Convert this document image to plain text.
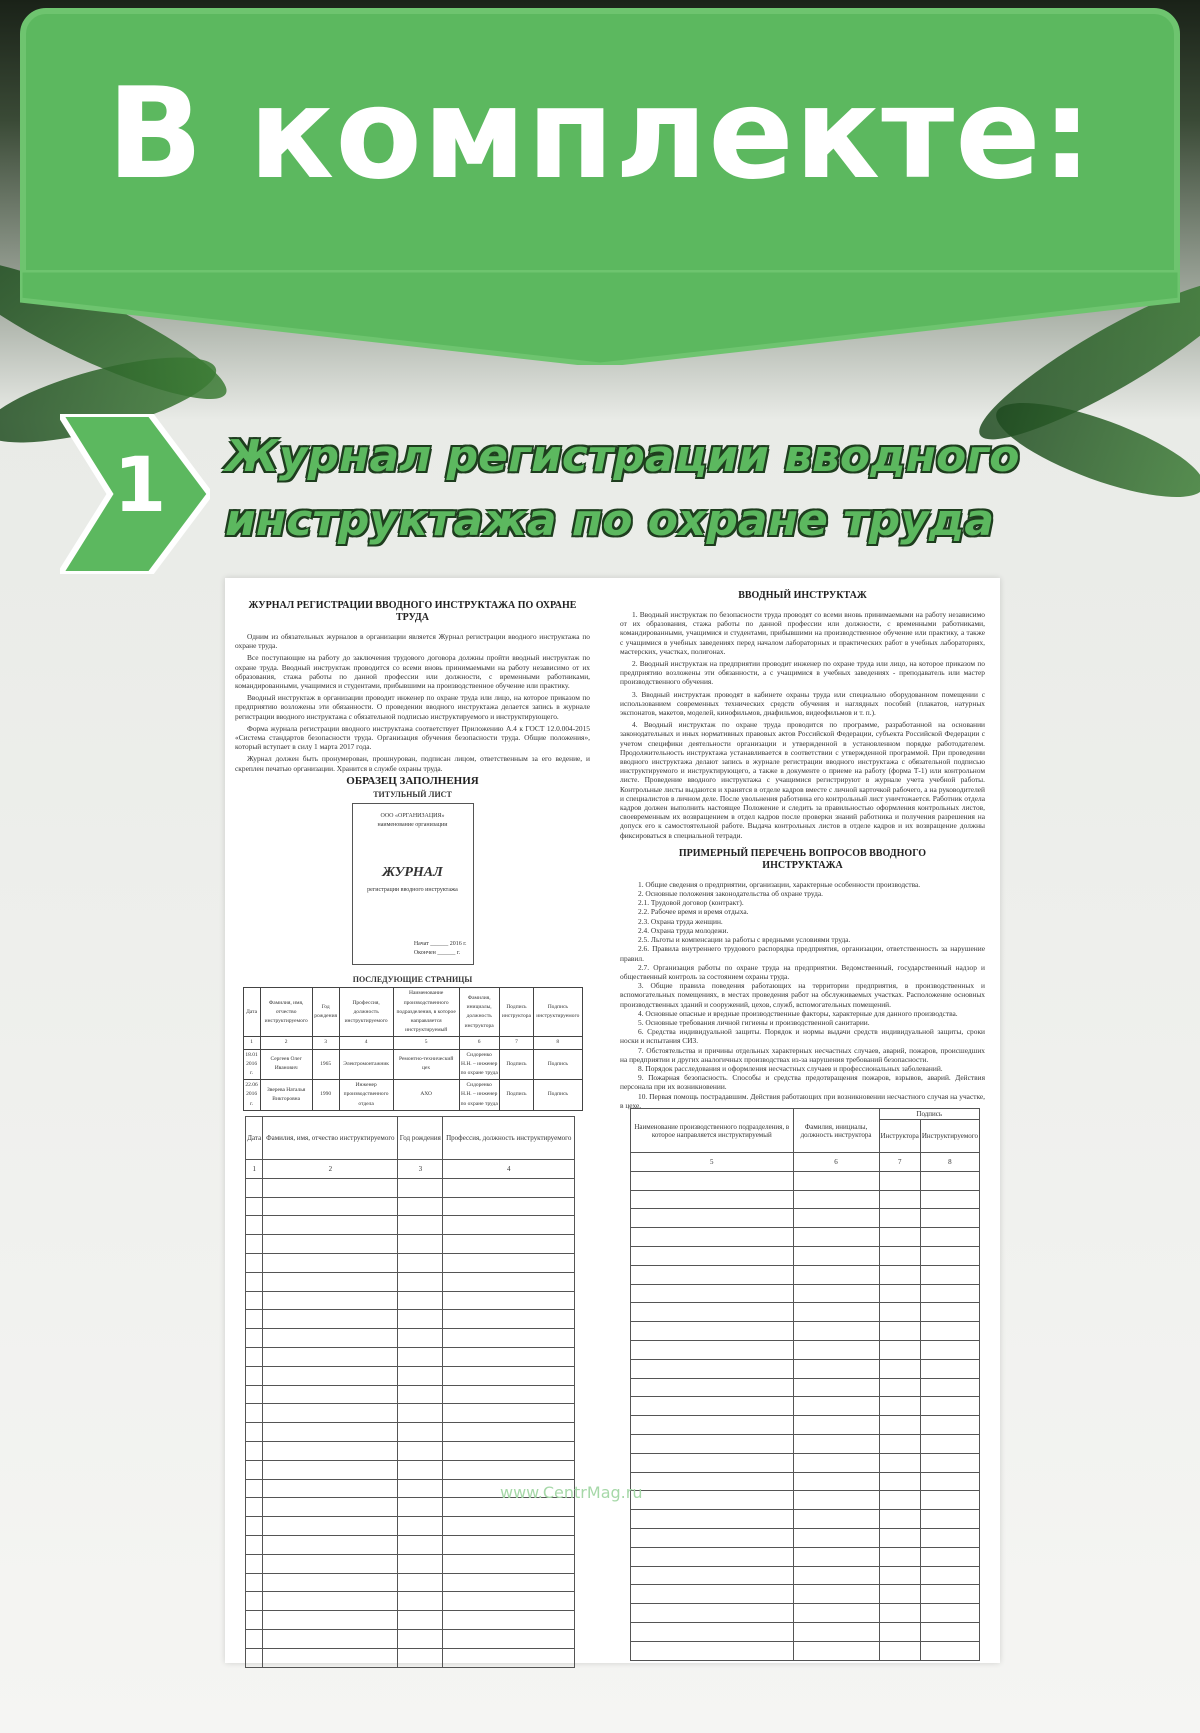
В комплекте:
1	Журнал регистрации вводного
инструктажа по охране труда
ЖУРНАЛ РЕГИСТРАЦИИ ВВОДНОГО ИНСТРУКТАЖА ПО ОХРАНЕ ТРУДА

Одним из обязательных журналов в организации является Журнал регистрации вводного инструктажа по охране труда.

Все поступающие на работу до заключения трудового договора должны пройти вводный инструктаж по охране труда. Вводный инструктаж проводится со всеми вновь принимаемыми на работу независимо от их образования, стажа работы по данной профессии или должности, с временными работниками, командированными, учащимися и студентами, прибывшими на производственное обучение или практику.

Вводный инструктаж в организации проводит инженер по охране труда или лицо, на которое приказом по предприятию возложены эти обязанности. О проведении вводного инструктажа делается запись в журнале регистрации вводного инструктажа с обязательной подписью инструктируемого и инструктирующего.

Форма журнала регистрации вводного инструктажа соответствует Приложению А.4 к ГОСТ 12.0.004-2015 «Система стандартов безопасности труда. Организация обучения безопасности труда. Общие положения», который вступает в силу 1 марта 2017 года.

Журнал должен быть пронумерован, прошнурован, подписан лицом, ответственным за его ведение, и скреплен печатью организации. Хранится в службе охраны труда.

ОБРАЗЕЦ ЗАПОЛНЕНИЯ
ТИТУЛЬНЫЙ ЛИСТ
ООО «ОРГАНИЗАЦИЯ»
наименование организации
ЖУРНАЛ
регистрации вводного инструктажа
Начат ______ 2016 г.
Окончен ______ г.
ПОСЛЕДУЮЩИЕ СТРАНИЦЫ
Дата	Фамилия, имя, отчество инструктируемого	Год рождения	Профессия, должность инструктируемого	Наименование производственного подразделения, в которое направляется инструктируемый	Фамилия, инициалы, должность инструктора	Подпись инструктора	Подпись инструктируемого
1	2	3	4	5	6	7	8
18.01 2016 г.	Сергеев Олег Иванович	1965	Электромонтажник	Ремонтно-технический цех	Сидоренко Н.Н. – инженер по охране труда	Подпись	Подпись
22.06 2016 г.	Зверева Наталья Викторовна	1990	Инженер производственного отдела	АХО	Сидоренко Н.Н. – инженер по охране труда	Подпись	Подпись
ВВОДНЫЙ ИНСТРУКТАЖ

1. Вводный инструктаж по безопасности труда проводят со всеми вновь принимаемыми на работу независимо от их образования, стажа работы по данной профессии или должности, с временными работниками, командированными, учащимися и студентами, прибывшими на производственное обучение или практику, а также с учащимися в учебных заведениях перед началом лабораторных и практических работ в учебных лабораториях, мастерских, участках, полигонах.

2. Вводный инструктаж на предприятии проводит инженер по охране труда или лицо, на которое приказом по предприятию возложены эти обязанности, а с учащимися в учебных заведениях - преподаватель или мастер производственного обучения.

3. Вводный инструктаж проводят в кабинете охраны труда или специально оборудованном помещении с использованием современных технических средств обучения и наглядных пособий (плакатов, натурных экспонатов, макетов, моделей, кинофильмов, диафильмов, видеофильмов и т. п.).

4. Вводный инструктаж по охране труда проводится по программе, разработанной на основании законодательных и иных нормативных правовых актов Российской Федерации, субъекта Российской Федерации с учетом специфики деятельности организации и утвержденной в установленном порядке работодателем. Продолжительность инструктажа устанавливается в соответствии с утвержденной программой. При проведении вводного инструктажа делают запись в журнале регистрации вводного инструктажа с обязательной подписью инструктируемого и инструктирующего, а также в документе о приеме на работу (форма Т-1) или контрольном листе. Проведение вводного инструктажа с учащимися регистрируют в журнале учета учебной работы. Контрольные листы выдаются и хранятся в отделе кадров вместе с личной карточкой рабочего, а на руководителей и специалистов в личном деле. После увольнения работника его контрольный лист уничтожается. Работник отдела кадров должен выполнить настоящее Положение и следить за правильностью оформления контрольных листов, своевременным их возвращением в отдел кадров после проверки знаний работника и получения разрешения на допуск его к самостоятельной работе. Выдача контрольных листов в отделе кадров и их возвращение должны фиксироваться в специальной тетради.

ПРИМЕРНЫЙ ПЕРЕЧЕНЬ ВОПРОСОВ ВВОДНОГО ИНСТРУКТАЖА

1. Общие сведения о предприятии, организации, характерные особенности производства.

2. Основные положения законодательства об охране труда.

2.1. Трудовой договор (контракт).

2.2. Рабочее время и время отдыха.

2.3. Охрана труда женщин.

2.4. Охрана труда молодежи.

2.5. Льготы и компенсации за работы с вредными условиями труда.

2.6. Правила внутреннего трудового распорядка предприятия, организации, ответственность за нарушение правил.

2.7. Организация работы по охране труда на предприятии. Ведомственный, государственный надзор и общественный контроль за состоянием охраны труда.

3. Общие правила поведения работающих на территории предприятия, в производственных и вспомогательных помещениях, в местах проведения работ на обслуживаемых участках. Расположение основных производственных зданий и сооружений, цехов, служб, вспомогательных помещений.

4. Основные опасные и вредные производственные факторы, характерные для данного производства.

5. Основные требования личной гигиены и производственной санитарии.

6. Средства индивидуальной защиты. Порядок и нормы выдачи средств индивидуальной защиты, сроки носки и испытания СИЗ.

7. Обстоятельства и причины отдельных характерных несчастных случаев, аварий, пожаров, происшедших на предприятии и других аналогичных производствах из-за нарушения требований безопасности.

8. Порядок расследования и оформления несчастных случаев и профессиональных заболеваний.

9. Пожарная безопасность. Способы и средства предотвращения пожаров, взрывов, аварий. Действия персонала при их возникновении.

10. Первая помощь пострадавшим. Действия работающих при возникновении несчастного случая на участке, в цехе.

Дата	Фамилия, имя, отчество инструктируемого	Год рождения	Профессия, должность инструктируемого
1	2	3	4

Наименование производственного подразделения, в которое направляется инструктируемый	Фамилия, инициалы, должность инструктора	Подпись	
		Инструктора	Инструктируемого
5	6	7	8

www.CentrMag.ru
